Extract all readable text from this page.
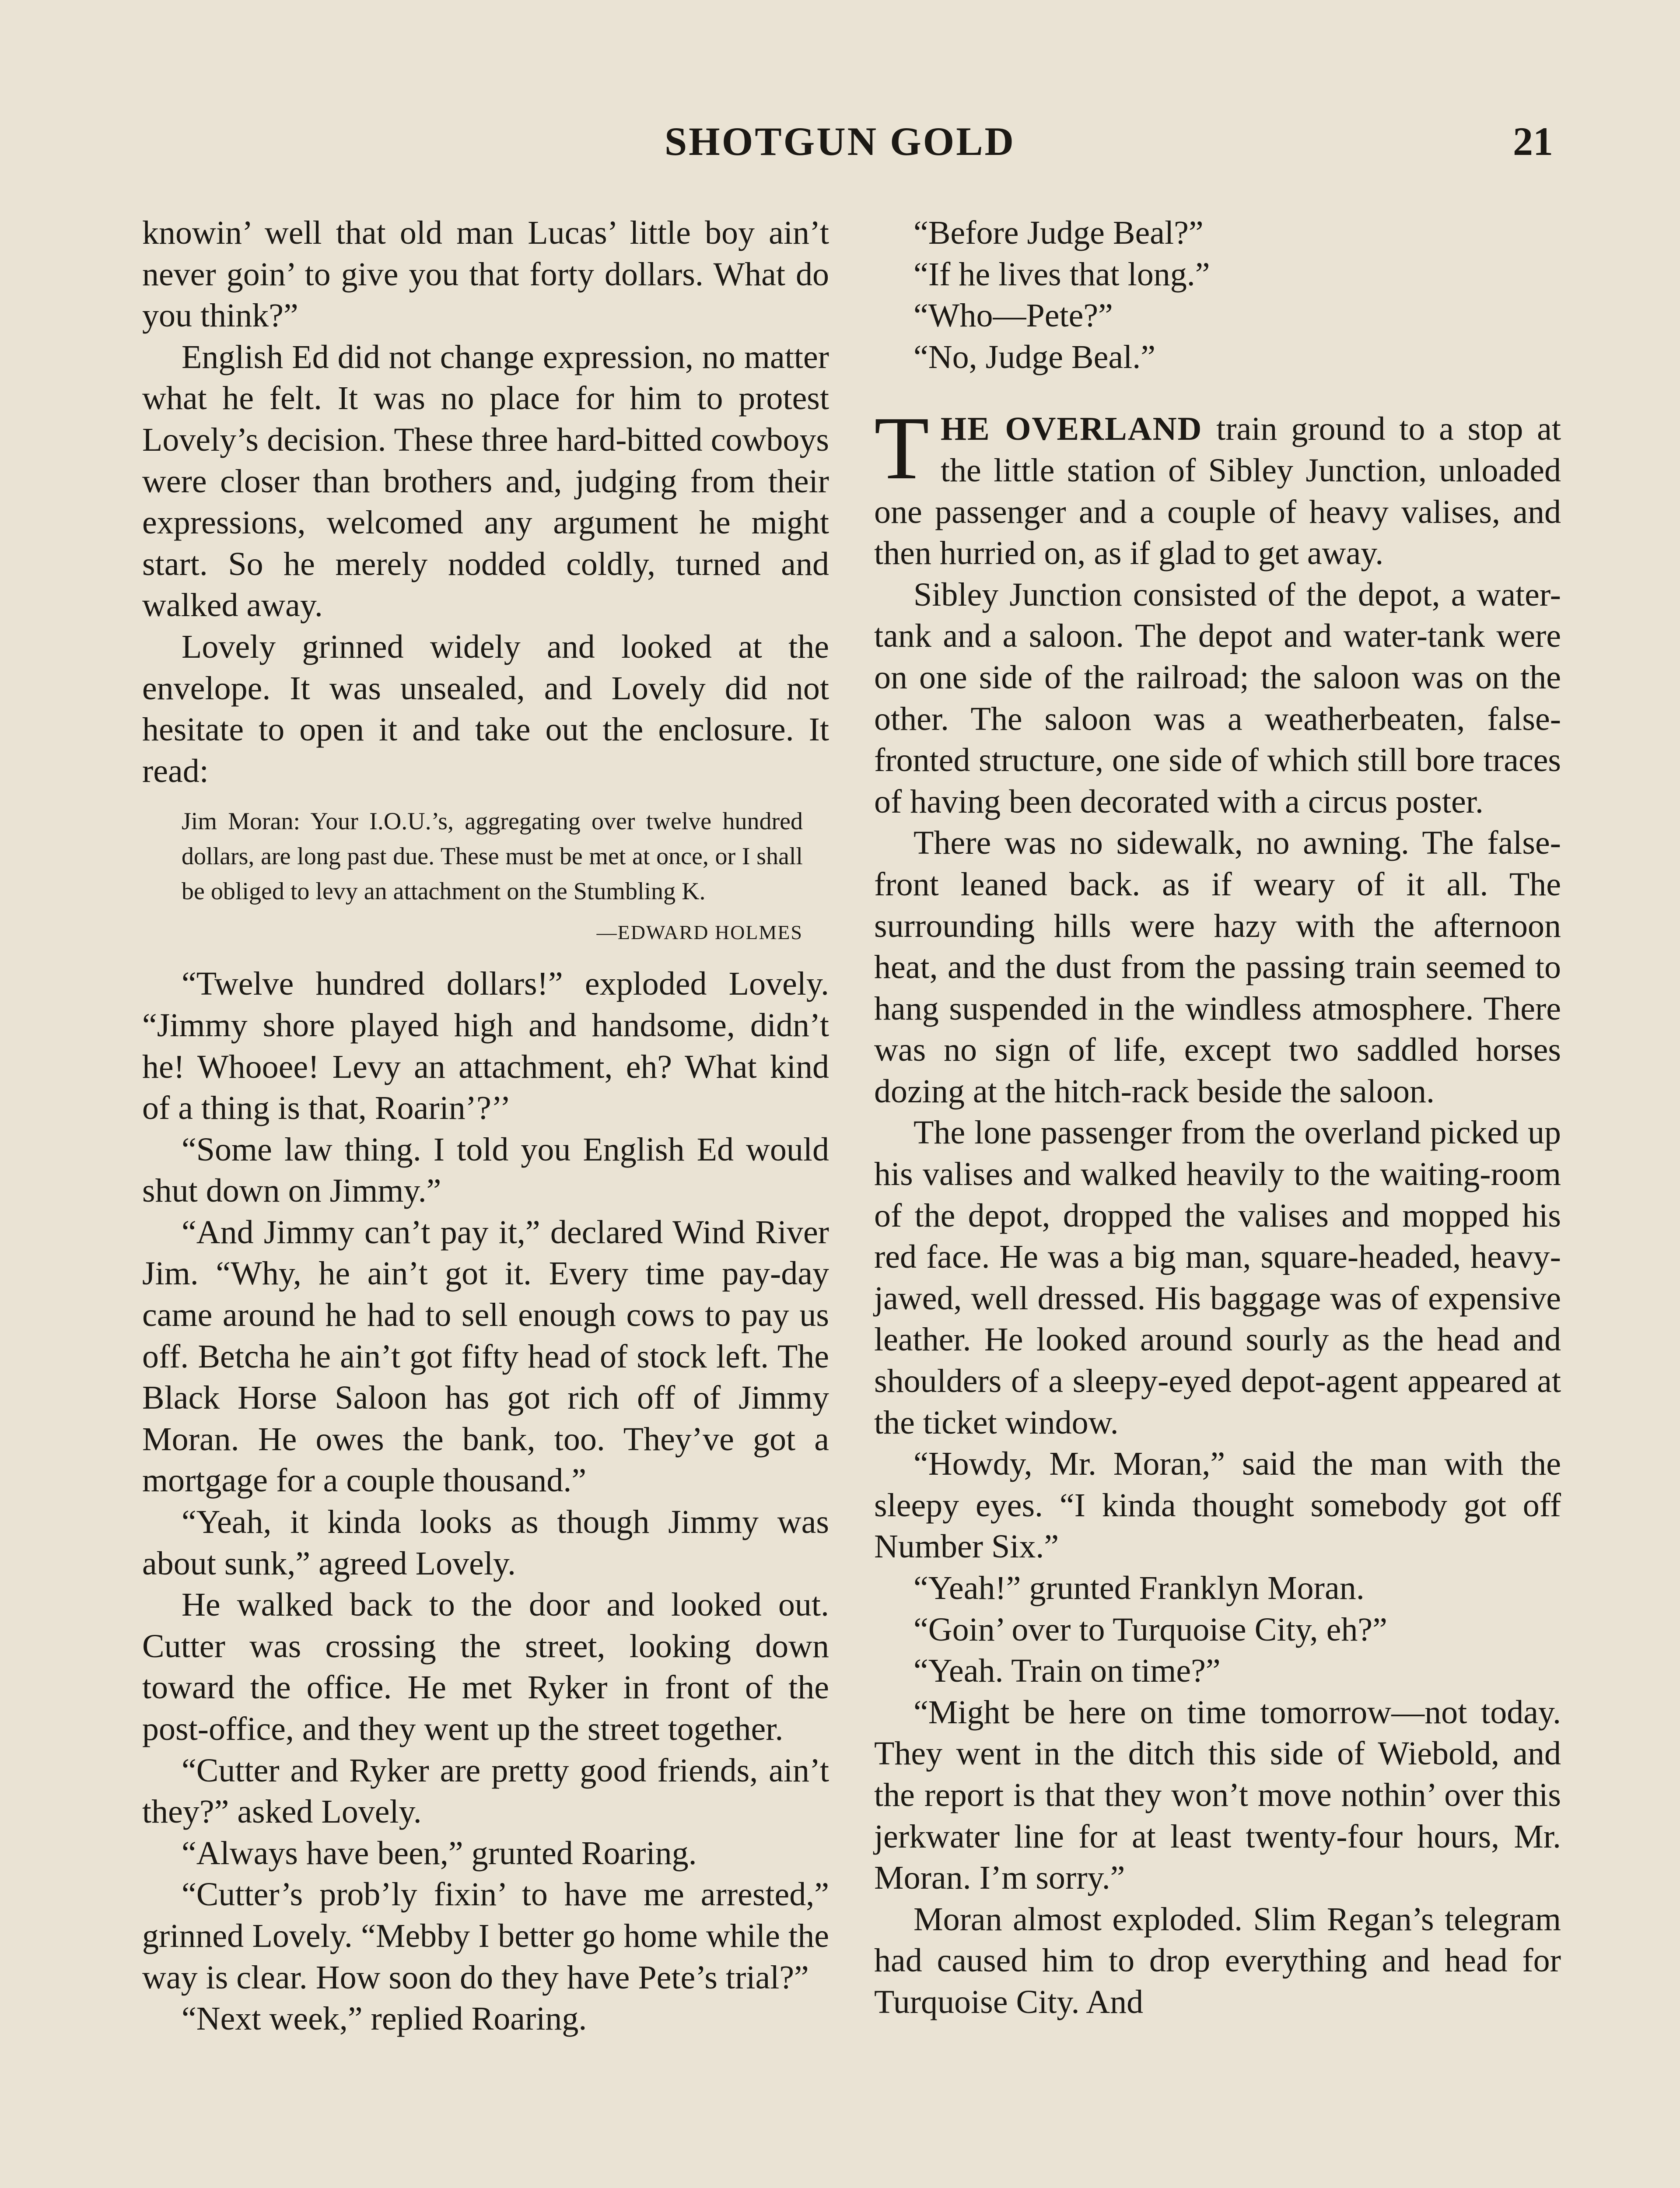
SHOTGUN GOLD	21

knowin’ well that old man Lucas’ little boy ain’t never goin’ to give you that forty dollars. What do you think?”

English Ed did not change expression, no matter what he felt. It was no place for him to protest Lovely’s decision. These three hard-bitted cowboys were closer than brothers and, judging from their expressions, welcomed any argument he might start. So he merely nodded coldly, turned and walked away.

Lovely grinned widely and looked at the envelope. It was unsealed, and Lovely did not hesitate to open it and take out the enclosure. It read:

Jim Moran: Your I.O.U.’s, aggregating over twelve hundred dollars, are long past due. These must be met at once, or I shall be obliged to levy an attachment on the Stumbling K.

—EDWARD HOLMES

“Twelve hundred dollars!” exploded Lovely. “Jimmy shore played high and handsome, didn’t he! Whooee! Levy an attachment, eh? What kind of a thing is that, Roarin’?’’

“Some law thing. I told you English Ed would shut down on Jimmy.”

“And Jimmy can’t pay it,” declared Wind River Jim. “Why, he ain’t got it. Every time pay-day came around he had to sell enough cows to pay us off. Betcha he ain’t got fifty head of stock left. The Black Horse Saloon has got rich off of Jimmy Moran. He owes the bank, too. They’ve got a mortgage for a couple thousand.”

“Yeah, it kinda looks as though Jimmy was about sunk,” agreed Lovely.

He walked back to the door and looked out. Cutter was crossing the street, looking down toward the office. He met Ryker in front of the post-office, and they went up the street together.

“Cutter and Ryker are pretty good friends, ain’t they?” asked Lovely.

“Always have been,” grunted Roaring.

“Cutter’s prob’ly fixin’ to have me arrested,” grinned Lovely. “Mebby I better go home while the way is clear. How soon do they have Pete’s trial?”

“Next week,” replied Roaring.

“Before Judge Beal?”

“If he lives that long.”

“Who—Pete?”

“No, Judge Beal.”

THE OVERLAND train ground to a stop at the little station of Sibley Junction, unloaded one passenger and a couple of heavy valises, and then hurried on, as if glad to get away.

Sibley Junction consisted of the depot, a water-tank and a saloon. The depot and water-tank were on one side of the railroad; the saloon was on the other. The saloon was a weatherbeaten, false-fronted structure, one side of which still bore traces of having been decorated with a circus poster.

There was no sidewalk, no awning. The false-front leaned back. as if weary of it all. The surrounding hills were hazy with the afternoon heat, and the dust from the passing train seemed to hang suspended in the windless atmosphere. There was no sign of life, except two saddled horses dozing at the hitch-rack beside the saloon.

The lone passenger from the overland picked up his valises and walked heavily to the waiting-room of the depot, dropped the valises and mopped his red face. He was a big man, square-headed, heavy-jawed, well dressed. His baggage was of expensive leather. He looked around sourly as the head and shoulders of a sleepy-eyed depot-agent appeared at the ticket window.

“Howdy, Mr. Moran,” said the man with the sleepy eyes. “I kinda thought somebody got off Number Six.”

“Yeah!” grunted Franklyn Moran.

“Goin’ over to Turquoise City, eh?”

“Yeah. Train on time?”

“Might be here on time tomorrow—not today. They went in the ditch this side of Wiebold, and the report is that they won’t move nothin’ over this jerkwater line for at least twenty-four hours, Mr. Moran. I’m sorry.”

Moran almost exploded. Slim Regan’s telegram had caused him to drop everything and head for Turquoise City. And
